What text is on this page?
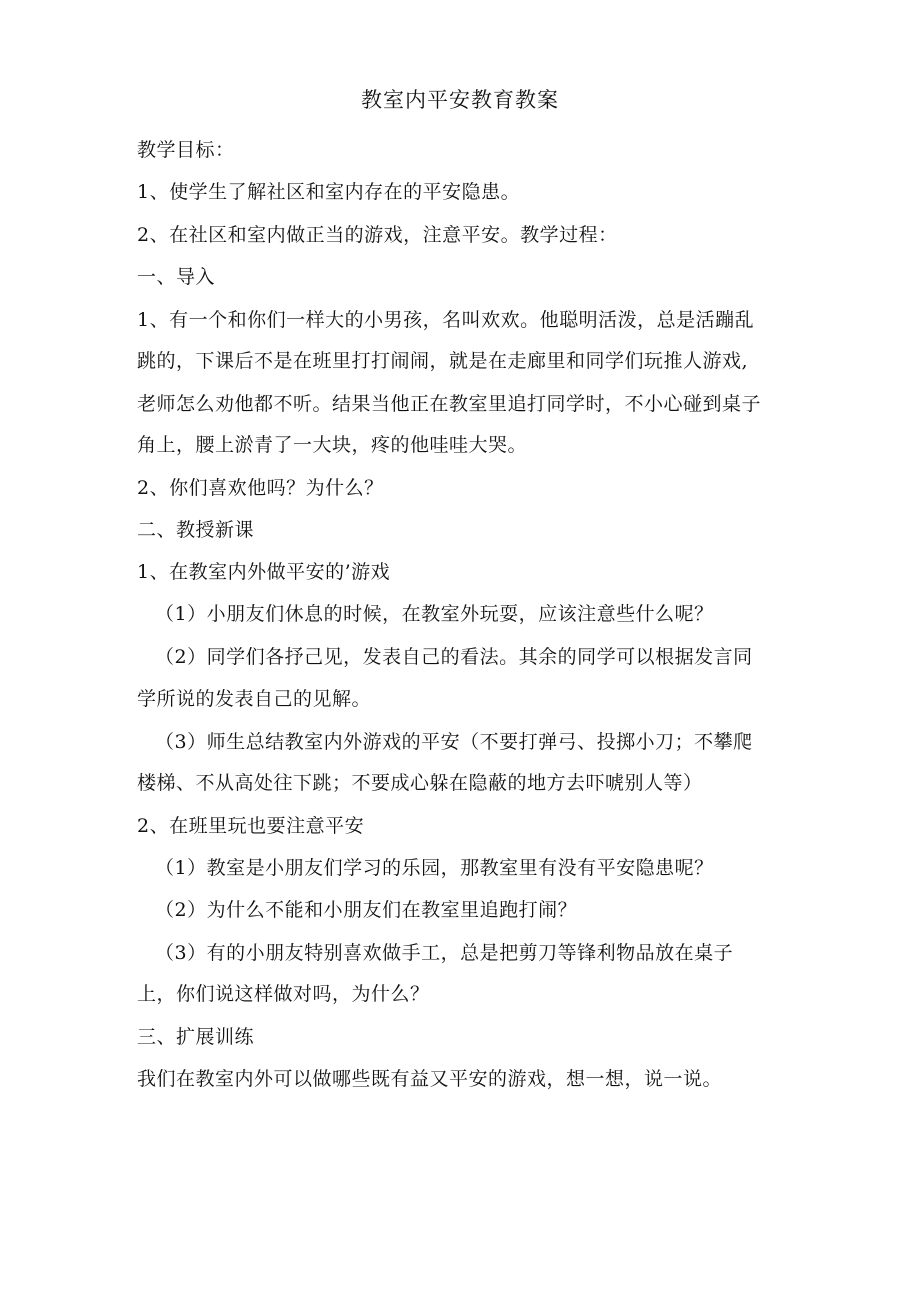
教室内平安教育教案
教学目标：
1、使学生了解社区和室内存在的平安隐患。
2、在社区和室内做正当的游戏，注意平安。教学过程：
一、导入
1、有一个和你们一样大的小男孩，名叫欢欢。他聪明活泼，总是活蹦乱
跳的，下课后不是在班里打打闹闹，就是在走廊里和同学们玩推人游戏,
老师怎么劝他都不听。结果当他正在教室里追打同学时，不小心碰到桌子
角上，腰上淤青了一大块，疼的他哇哇大哭。
2、你们喜欢他吗？为什么？
二、教授新课
1、在教室内外做平安的’游戏
（1）小朋友们休息的时候，在教室外玩耍，应该注意些什么呢？
（2）同学们各抒己见，发表自己的看法。其余的同学可以根据发言同
学所说的发表自己的见解。
（3）师生总结教室内外游戏的平安（不要打弹弓、投掷小刀；不攀爬
楼梯、不从高处往下跳；不要成心躲在隐蔽的地方去吓唬别人等）
2、在班里玩也要注意平安
（1）教室是小朋友们学习的乐园，那教室里有没有平安隐患呢？
（2）为什么不能和小朋友们在教室里追跑打闹？
（3）有的小朋友特别喜欢做手工，总是把剪刀等锋利物品放在桌子
上，你们说这样做对吗，为什么？
三、扩展训练
我们在教室内外可以做哪些既有益又平安的游戏，想一想，说一说。
